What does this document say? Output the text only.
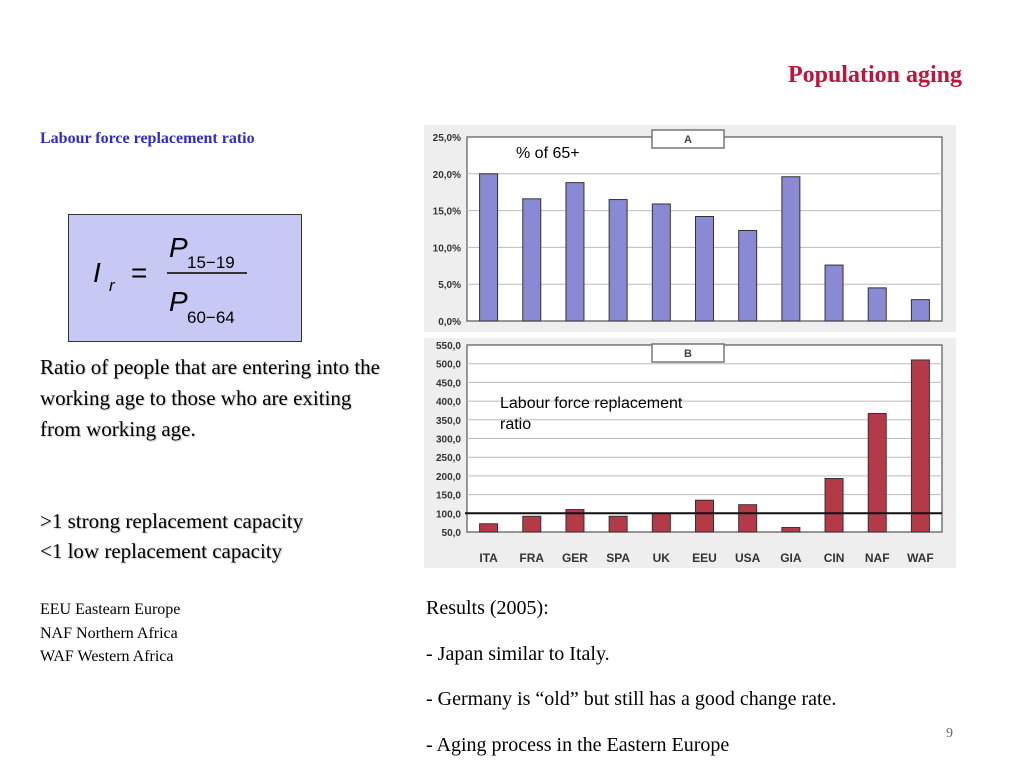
Population aging
Labour force replacement ratio
I r =
P 15−19
P
60−64
Ratio of people that are entering into the working age to those who are exiting from working age.
>1 strong replacement capacity
<1 low replacement capacity
EEU Eastearn Europe
NAF Northern Africa
WAF Western Africa
0,0%
5,0%
10,0%
15,0%
20,0%
25,0%	A
% of 65+
50,0
100,0
150,0
200,0
250,0
300,0
350,0
400,0
450,0
500,0
550,0
ITA FRA GER SPA UK EEU USA GIA CIN NAF WAF
B
Labour force replacement
ratio
Results (2005):
- Japan similar to Italy.
- Germany is “old” but still has a good change rate.
- Aging process in the Eastern Europe	9
